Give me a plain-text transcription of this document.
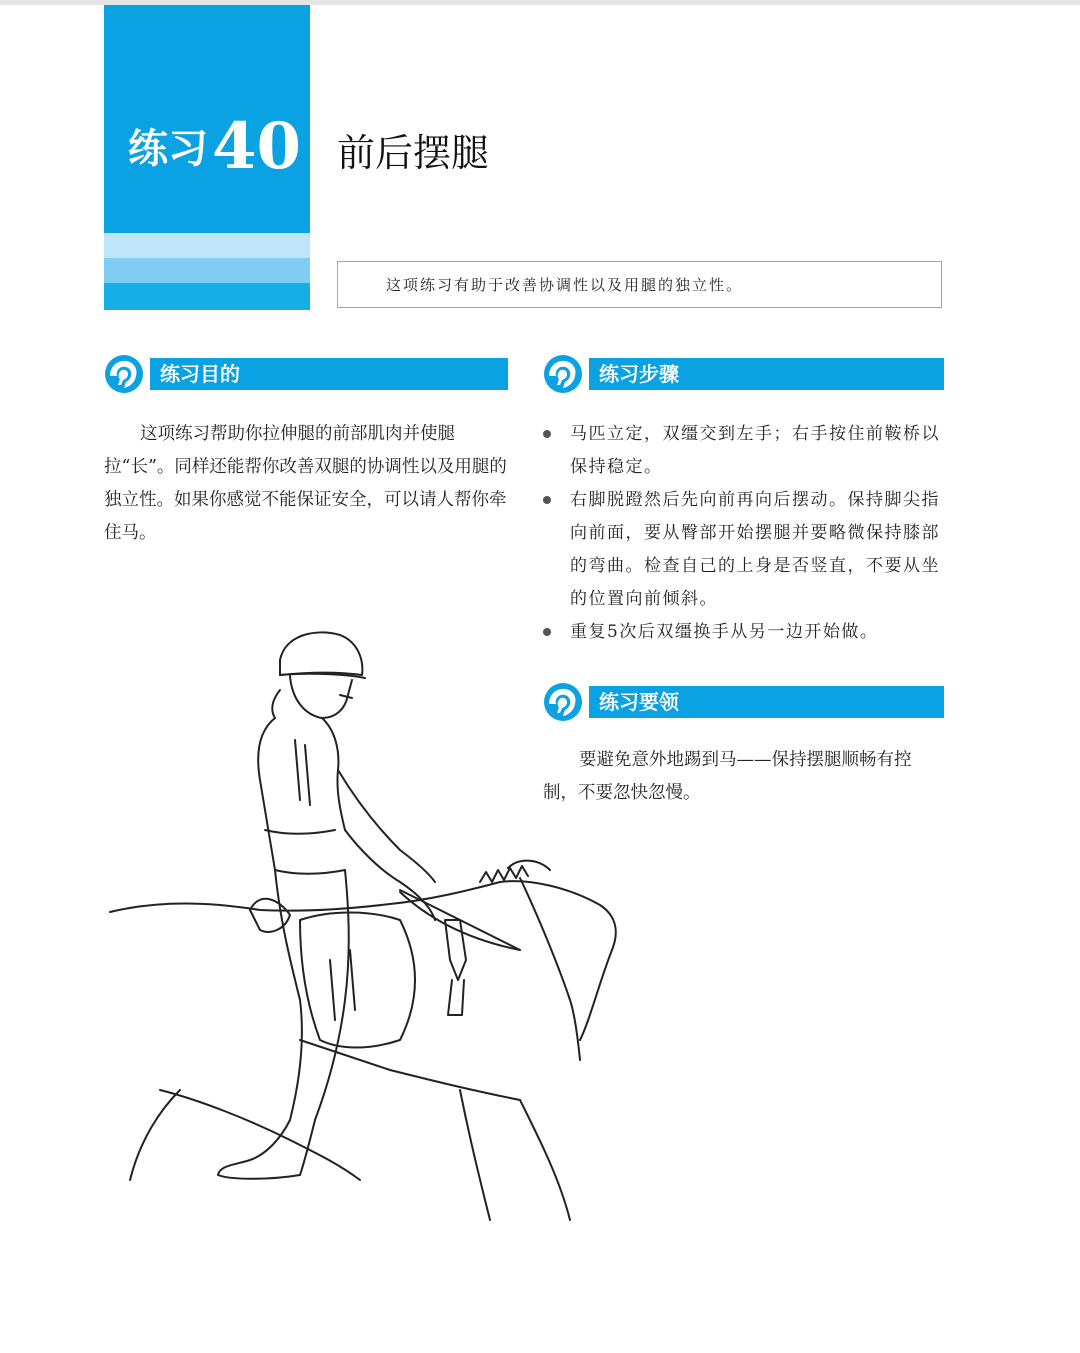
练习40 前后摆腿
这项练习有助于改善协调性以及用腿的独立性。
练习目的
这项练习帮助你拉伸腿的前部肌肉并使腿拉“长”。同样还能帮你改善双腿的协调性以及用腿的独立性。如果你感觉不能保证安全，可以请人帮你牵住马。
练习步骤
马匹立定，双缰交到左手；右手按住前鞍桥以保持稳定。
右脚脱蹬然后先向前再向后摆动。保持脚尖指向前面，要从臀部开始摆腿并要略微保持膝部的弯曲。检查自己的上身是否竖直，不要从坐的位置向前倾斜。
重复5次后双缰换手从另一边开始做。
练习要领
要避免意外地踢到马——保持摆腿顺畅有控制，不要忽快忽慢。
